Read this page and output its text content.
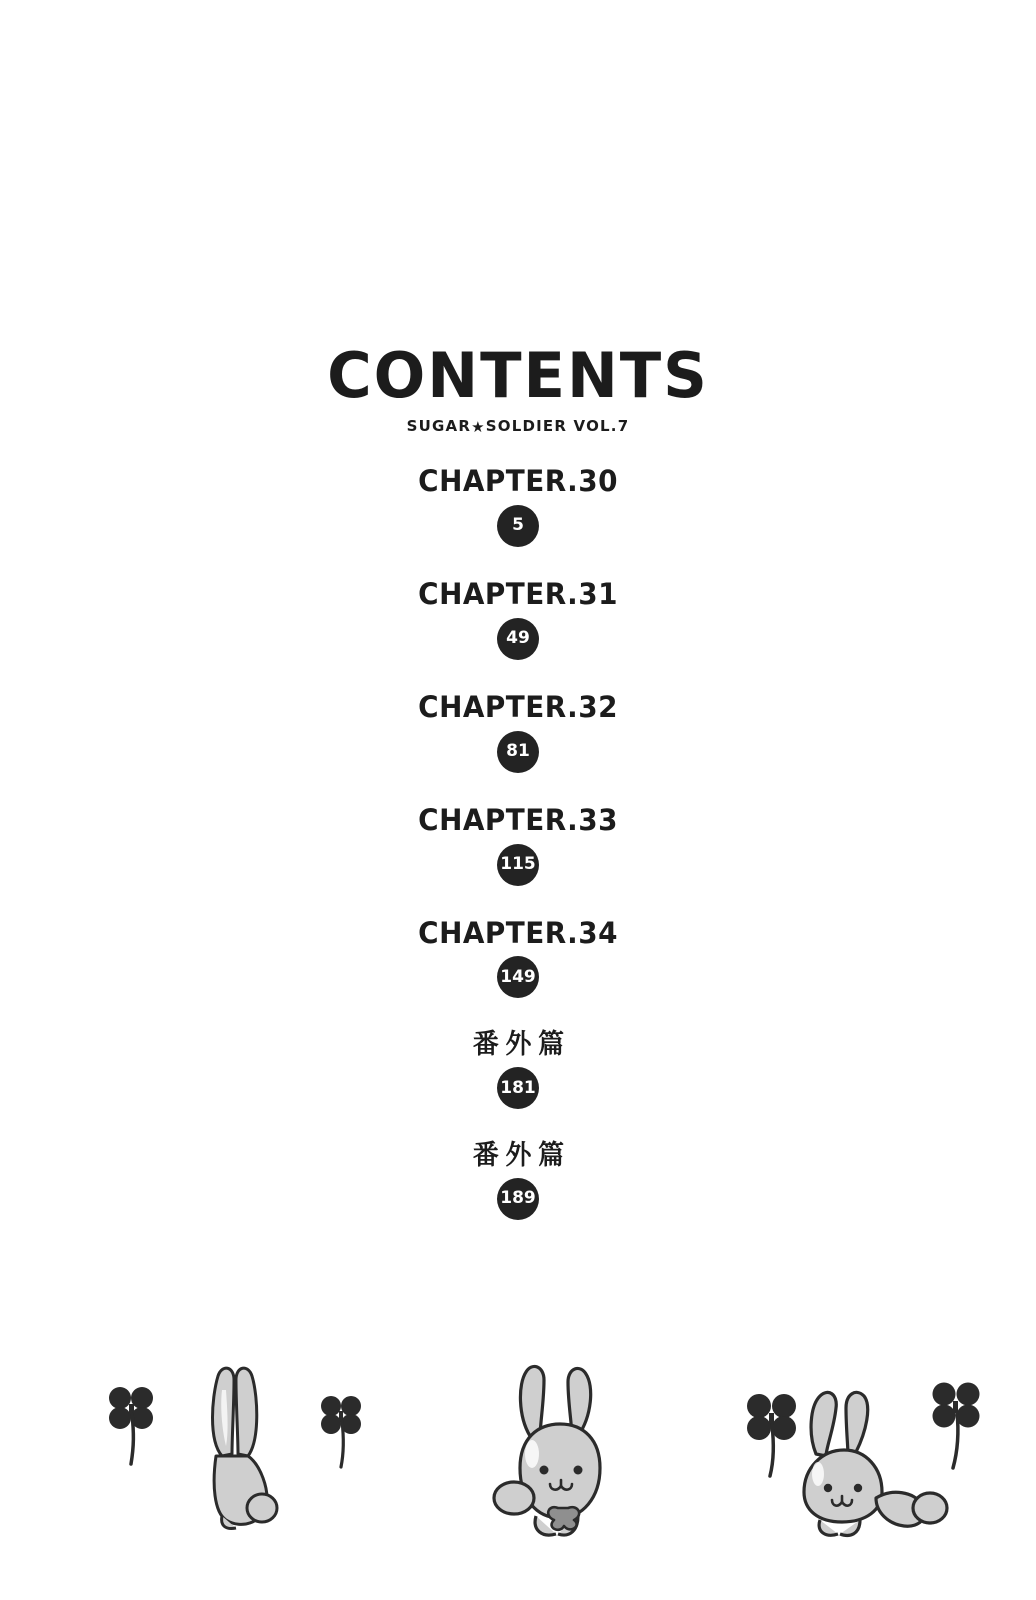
CONTENTS
SUGAR★SOLDIER VOL.7
CHAPTER.30
5
CHAPTER.31
49
CHAPTER.32
81
CHAPTER.33
115
CHAPTER.34
149
番外篇
181
番外篇
189
